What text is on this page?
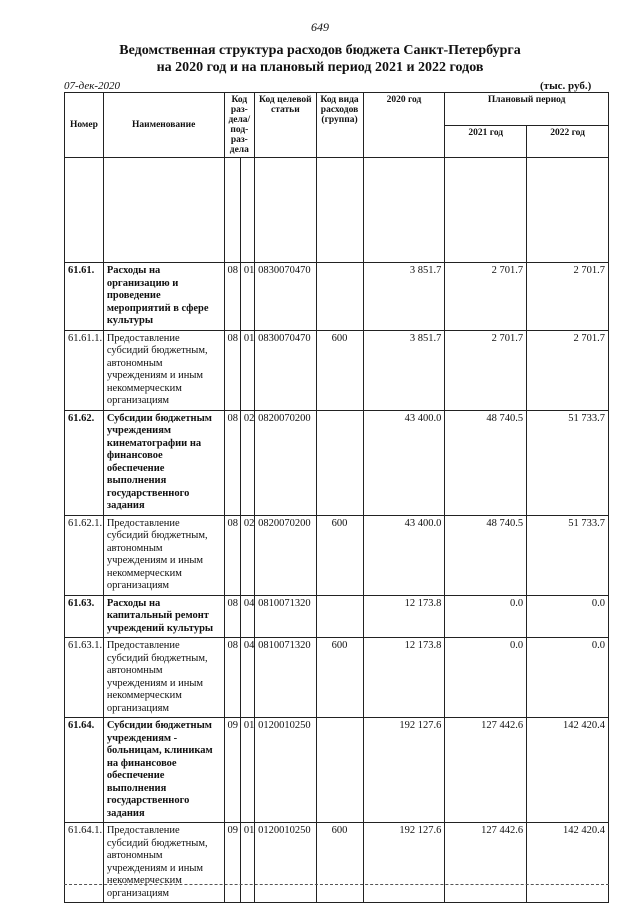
649
Ведомственная структура расходов бюджета Санкт-Петербурга
на 2020 год и на плановый период 2021 и 2022 годов
07-дек-2020	(тыс. руб.)
Номер	Наименование	Код раз- дела/ под- раз- дела		Код целевой статьи	Код вида расходов (группа)	2020 год	Плановый период	
							2021 год	2022 год

61.61.	Расходы на организацию и проведение мероприятий в сфере культуры	08	01	0830070470		3 851.7	2 701.7	2 701.7
61.61.1.	Предоставление субсидий бюджетным, автономным учреждениям и иным некоммерческим организациям	08	01	0830070470	600	3 851.7	2 701.7	2 701.7
61.62.	Субсидии бюджетным учреждениям кинематографии на финансовое обеспечение выполнения государственного задания	08	02	0820070200		43 400.0	48 740.5	51 733.7
61.62.1.	Предоставление субсидий бюджетным, автономным учреждениям и иным некоммерческим организациям	08	02	0820070200	600	43 400.0	48 740.5	51 733.7
61.63.	Расходы на капитальный ремонт учреждений культуры	08	04	0810071320		12 173.8	0.0	0.0
61.63.1.	Предоставление субсидий бюджетным, автономным учреждениям и иным некоммерческим организациям	08	04	0810071320	600	12 173.8	0.0	0.0
61.64.	Субсидии бюджетным учреждениям - больницам, клиникам на финансовое обеспечение выполнения государственного задания	09	01	0120010250		192 127.6	127 442.6	142 420.4
61.64.1.	Предоставление субсидий бюджетным, автономным учреждениям и иным некоммерческим организациям	09	01	0120010250	600	192 127.6	127 442.6	142 420.4
